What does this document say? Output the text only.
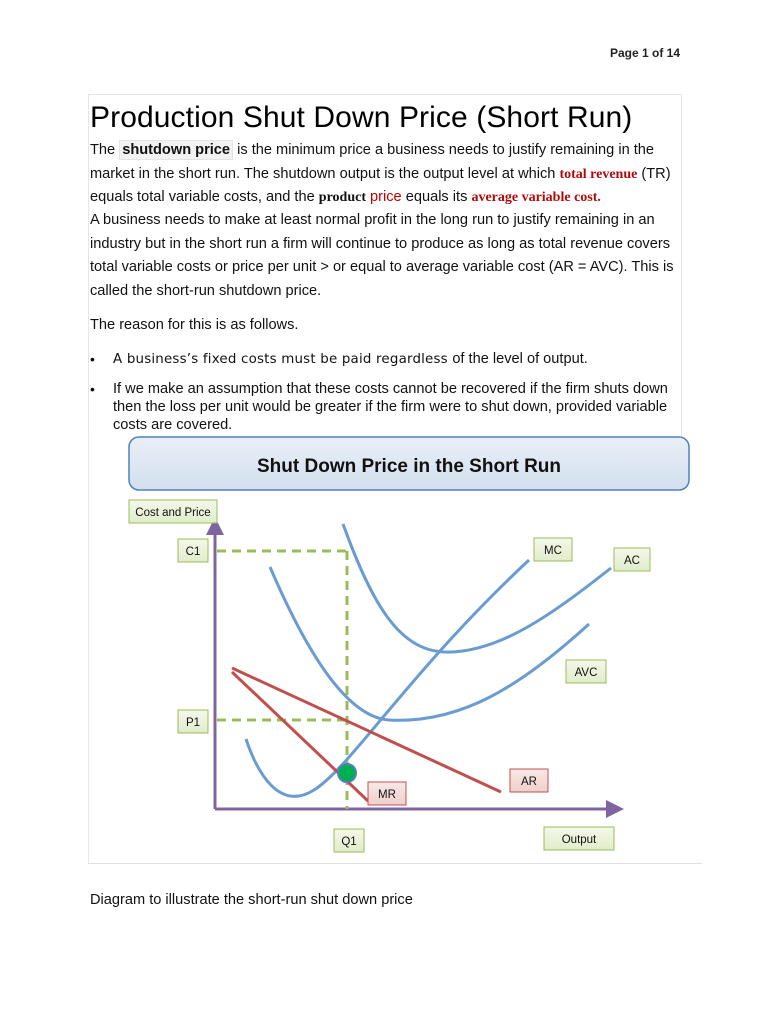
Page 1 of 14
Production Shut Down Price (Short Run)

The shutdown price is the minimum price a business needs to justify remaining in the market in the short run. The shutdown output is the output level at which total revenue (TR) equals total variable costs, and the product price equals its average variable cost.

A business needs to make at least normal profit in the long run to justify remaining in an industry but in the short run a firm will continue to produce as long as total revenue covers total variable costs or price per unit > or equal to average variable cost (AR = AVC). This is called the short-run shutdown price.

The reason for this is as follows.

• A business’s fixed costs must be paid regardless of the level of output.
• If we make an assumption that these costs cannot be recovered if the firm shuts down then the loss per unit would be greater if the firm were to shut down, provided variable costs are covered.
Shut Down Price in the Short Run
Cost and Price
C1
P1
Q1
MC
AC
AVC
AR
MR
Output

Diagram to illustrate the short-run shut down price
